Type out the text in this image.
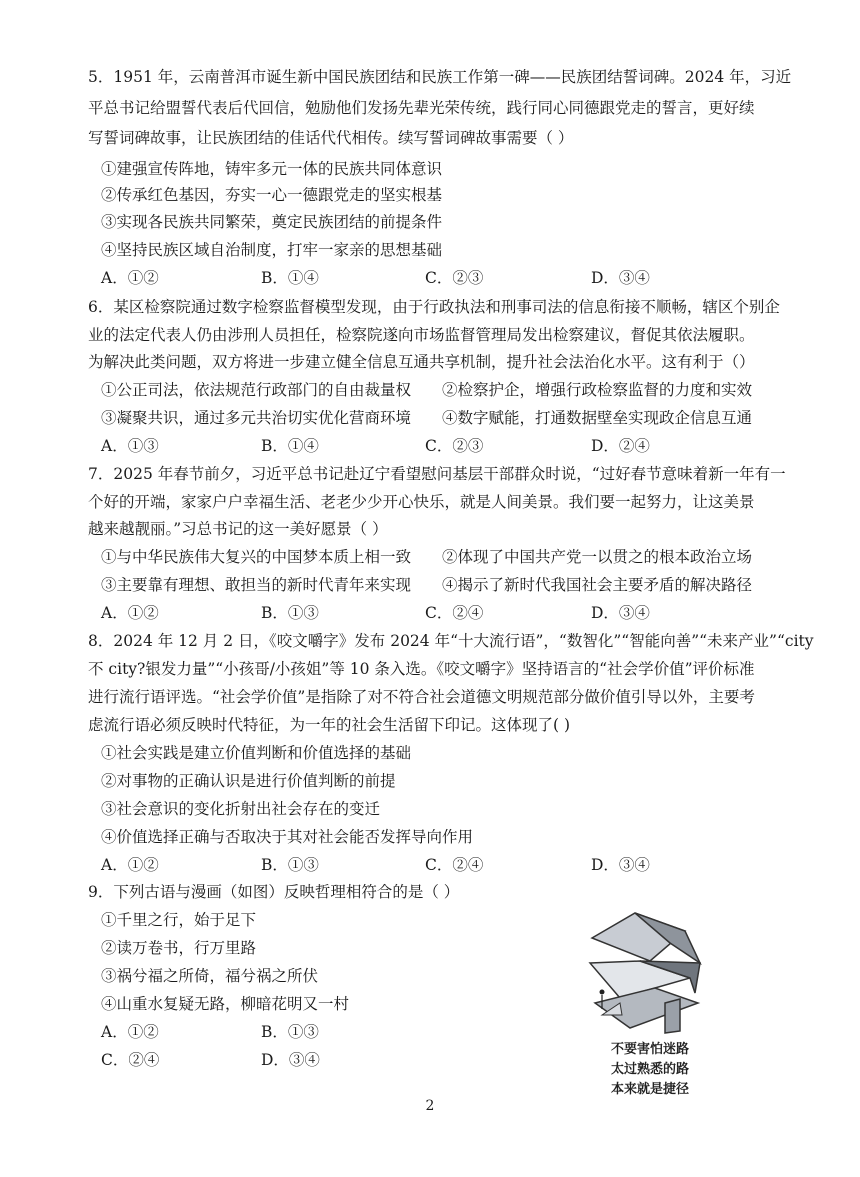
5．1951 年，云南普洱市诞生新中国民族团结和民族工作第一碑——民族团结誓词碑。2024 年，习近
平总书记给盟誓代表后代回信，勉励他们发扬先辈光荣传统，践行同心同德跟党走的誓言，更好续
写誓词碑故事，让民族团结的佳话代代相传。续写誓词碑故事需要（ ）
①建强宣传阵地，铸牢多元一体的民族共同体意识
②传承红色基因，夯实一心一德跟党走的坚实根基
③实现各民族共同繁荣，奠定民族团结的前提条件
④坚持民族区域自治制度，打牢一家亲的思想基础
A．①②	B．①④	C．②③	D．③④
6．某区检察院通过数字检察监督模型发现，由于行政执法和刑事司法的信息衔接不顺畅，辖区个别企
业的法定代表人仍由涉刑人员担任，检察院遂向市场监督管理局发出检察建议，督促其依法履职。
为解决此类问题，双方将进一步建立健全信息互通共享机制，提升社会法治化水平。这有利于（）
①公正司法，依法规范行政部门的自由裁量权 ②检察护企，增强行政检察监督的力度和实效
③凝聚共识，通过多元共治切实优化营商环境 ④数字赋能，打通数据壁垒实现政企信息互通
A．①③	B．①④	C．②③	D．②④
7．2025 年春节前夕，习近平总书记赴辽宁看望慰问基层干部群众时说，“过好春节意味着新一年有一
个好的开端，家家户户幸福生活、老老少少开心快乐，就是人间美景。我们要一起努力，让这美景
越来越靓丽。”习总书记的这一美好愿景（ ）
①与中华民族伟大复兴的中国梦本质上相一致 ②体现了中国共产党一以贯之的根本政治立场
③主要靠有理想、敢担当的新时代青年来实现 ④揭示了新时代我国社会主要矛盾的解决路径
A．①②	B．①③	C．②④	D．③④
8．2024 年 12 月 2 日，《咬文嚼字》发布 2024 年“十大流行语”，“数智化”“智能向善”“未来产业”“city
不 city?银发力量”“小孩哥/小孩姐”等 10 条入选。《咬文嚼字》坚持语言的“社会学价值”评价标准
进行流行语评选。“社会学价值”是指除了对不符合社会道德文明规范部分做价值引导以外，主要考
虑流行语必须反映时代特征，为一年的社会生活留下印记。这体现了( )
①社会实践是建立价值判断和价值选择的基础
②对事物的正确认识是进行价值判断的前提
③社会意识的变化折射出社会存在的变迁
④价值选择正确与否取决于其对社会能否发挥导向作用
A．①②	B．①③	C．②④	D．③④
9．下列古语与漫画（如图）反映哲理相符合的是（ ）
①千里之行，始于足下
②读万卷书，行万里路
③祸兮福之所倚，福兮祸之所伏
④山重水复疑无路，柳暗花明又一村
A．①②	B．①③
C．②④	D．③④
不要害怕迷路
太过熟悉的路
本来就是捷径
2
